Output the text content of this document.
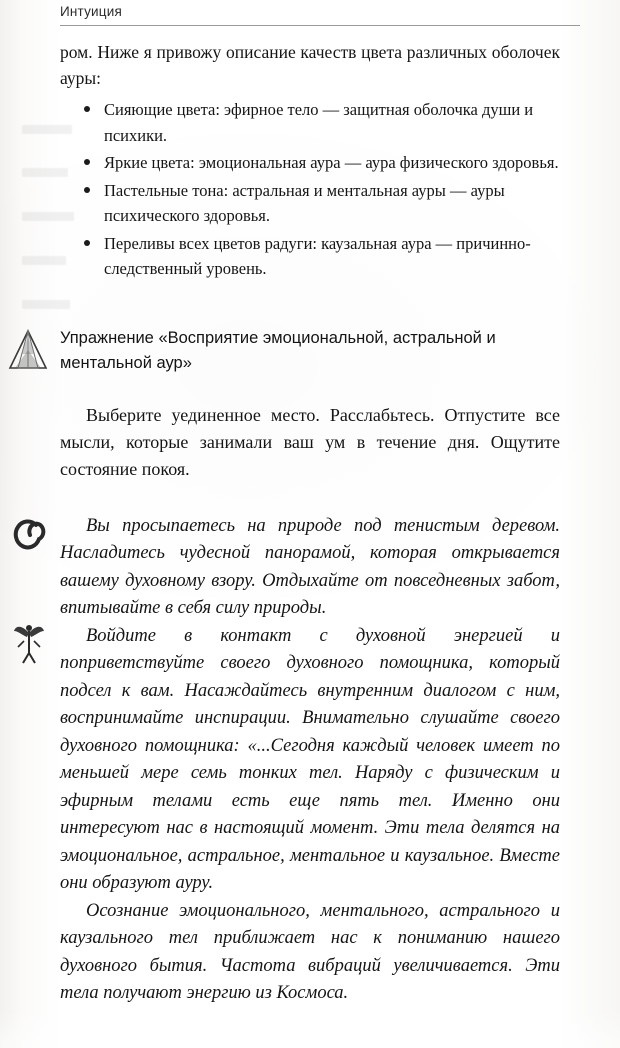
Интуиция

ром. Ниже я привожу описание качеств цвета различных оболочек ауры:

Сияющие цвета: эфирное тело — защитная оболочка души и психики.
Яркие цвета: эмоциональная аура — аура физического здоровья.
Пастельные тона: астральная и ментальная ауры — ауры психического здоровья.
Переливы всех цветов радуги: каузальная аура — причинно-следственный уровень.
Упражнение «Восприятие эмоциональной, астральной и ментальной аур»

Выберите уединенное место. Расслабьтесь. Отпустите все мысли, которые занимали ваш ум в течение дня. Ощутите состояние покоя.

Вы просыпаетесь на природе под тенистым деревом. Насладитесь чудесной панорамой, которая открывается вашему духовному взору. Отдыхайте от повседневных забот, впитывайте в себя силу природы.

Войдите в контакт с духовной энергией и поприветствуйте своего духовного помощника, который подсел к вам. Насаждайтесь внутренним диалогом с ним, воспринимайте инспирации. Внимательно слушайте своего духовного помощника: «...Сегодня каждый человек имеет по меньшей мере семь тонких тел. Наряду с физическим и эфирным телами есть еще пять тел. Именно они интересуют нас в настоящий момент. Эти тела делятся на эмоциональное, астральное, ментальное и каузальное. Вместе они образуют ауру.

Осознание эмоционального, ментального, астрального и каузального тел приближает нас к пониманию нашего духовного бытия. Частота вибраций увеличивается. Эти тела получают энергию из Космоса.
